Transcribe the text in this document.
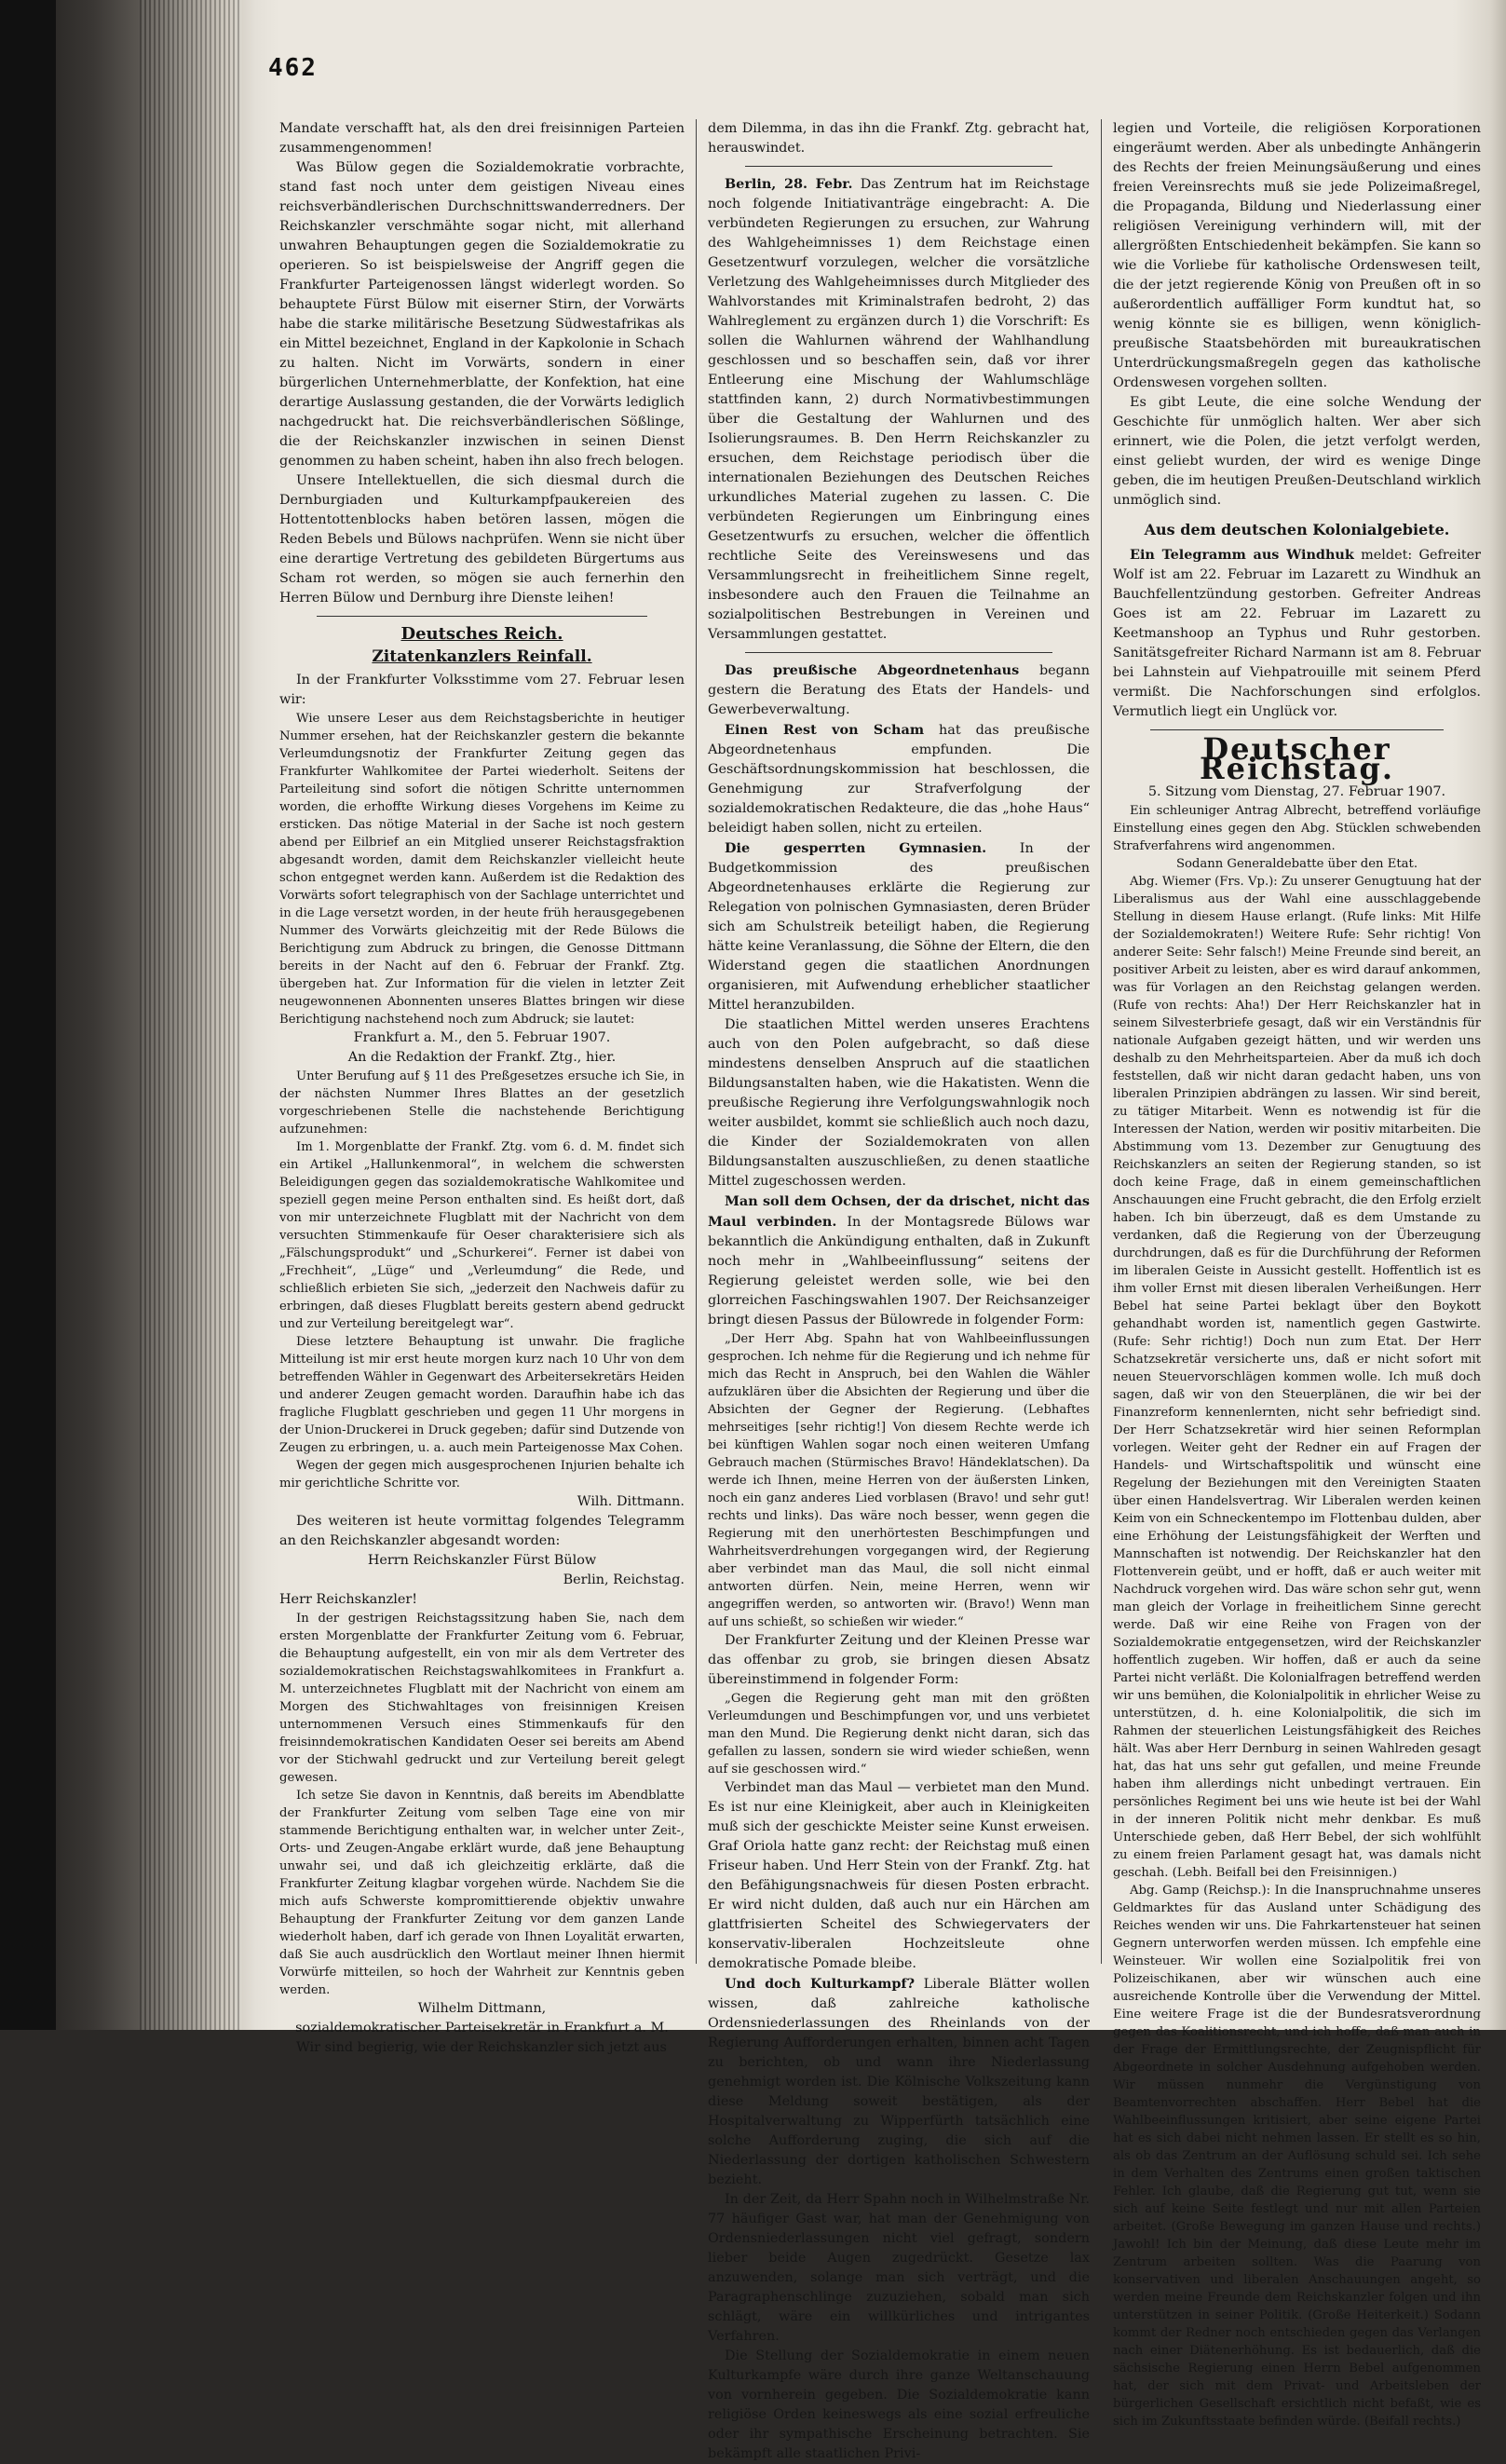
462

Mandate verschafft hat, als den drei freisinnigen Parteien zusammengenommen!

Was Bülow gegen die Sozialdemokratie vorbrachte, stand fast noch unter dem geistigen Niveau eines reichsverbändlerischen Durchschnittswanderredners. Der Reichskanzler verschmähte sogar nicht, mit allerhand unwahren Behauptungen gegen die Sozialdemokratie zu operieren. So ist beispielsweise der Angriff gegen die Frankfurter Parteigenossen längst widerlegt worden. So behauptete Fürst Bülow mit eiserner Stirn, der Vorwärts habe die starke militärische Besetzung Südwestafrikas als ein Mittel bezeichnet, England in der Kapkolonie in Schach zu halten. Nicht im Vorwärts, sondern in einer bürgerlichen Unternehmerblatte, der Konfektion, hat eine derartige Auslassung gestanden, die der Vorwärts lediglich nachgedruckt hat. Die reichsverbändlerischen Sößlinge, die der Reichskanzler inzwischen in seinen Dienst genommen zu haben scheint, haben ihn also frech belogen.

Unsere Intellektuellen, die sich diesmal durch die Dernburgiaden und Kulturkampfpaukereien des Hottentottenblocks haben betören lassen, mögen die Reden Bebels und Bülows nachprüfen. Wenn sie nicht über eine derartige Vertretung des gebildeten Bürgertums aus Scham rot werden, so mögen sie auch fernerhin den Herren Bülow und Dernburg ihre Dienste leihen!

Deutsches Reich.
Zitatenkanzlers Reinfall.

In der Frankfurter Volksstimme vom 27. Februar lesen wir:

Wie unsere Leser aus dem Reichstagsberichte in heutiger Nummer ersehen, hat der Reichskanzler gestern die bekannte Verleumdungsnotiz der Frankfurter Zeitung gegen das Frankfurter Wahlkomitee der Partei wiederholt. Seitens der Parteileitung sind sofort die nötigen Schritte unternommen worden, die erhoffte Wirkung dieses Vorgehens im Keime zu ersticken. Das nötige Material in der Sache ist noch gestern abend per Eilbrief an ein Mitglied unserer Reichstagsfraktion abgesandt worden, damit dem Reichskanzler vielleicht heute schon entgegnet werden kann. Außerdem ist die Redaktion des Vorwärts sofort telegraphisch von der Sachlage unterrichtet und in die Lage versetzt worden, in der heute früh herausgegebenen Nummer des Vorwärts gleichzeitig mit der Rede Bülows die Berichtigung zum Abdruck zu bringen, die Genosse Dittmann bereits in der Nacht auf den 6. Februar der Frankf. Ztg. übergeben hat. Zur Information für die vielen in letzter Zeit neugewonnenen Abonnenten unseres Blattes bringen wir diese Berichtigung nachstehend noch zum Abdruck; sie lautet:

Frankfurt a. M., den 5. Februar 1907.

An die Redaktion der Frankf. Ztg., hier.

Unter Berufung auf § 11 des Preßgesetzes ersuche ich Sie, in der nächsten Nummer Ihres Blattes an der gesetzlich vorgeschriebenen Stelle die nachstehende Berichtigung aufzunehmen:

Im 1. Morgenblatte der Frankf. Ztg. vom 6. d. M. findet sich ein Artikel „Hallunkenmoral“, in welchem die schwersten Beleidigungen gegen das sozialdemokratische Wahlkomitee und speziell gegen meine Person enthalten sind. Es heißt dort, daß von mir unterzeichnete Flugblatt mit der Nachricht von dem versuchten Stimmenkaufe für Oeser charakterisiere sich als „Fälschungsprodukt“ und „Schurkerei“. Ferner ist dabei von „Frechheit“, „Lüge“ und „Verleumdung“ die Rede, und schließlich erbieten Sie sich, „jederzeit den Nachweis dafür zu erbringen, daß dieses Flugblatt bereits gestern abend gedruckt und zur Verteilung bereitgelegt war“.

Diese letztere Behauptung ist unwahr. Die fragliche Mitteilung ist mir erst heute morgen kurz nach 10 Uhr von dem betreffenden Wähler in Gegenwart des Arbeitersekretärs Heiden und anderer Zeugen gemacht worden. Daraufhin habe ich das fragliche Flugblatt geschrieben und gegen 11 Uhr morgens in der Union-Druckerei in Druck gegeben; dafür sind Dutzende von Zeugen zu erbringen, u. a. auch mein Parteigenosse Max Cohen.

Wegen der gegen mich ausgesprochenen Injurien behalte ich mir gerichtliche Schritte vor.

Wilh. Dittmann.

Des weiteren ist heute vormittag folgendes Telegramm an den Reichskanzler abgesandt worden:

Herrn Reichskanzler Fürst Bülow

Berlin, Reichstag.

Herr Reichskanzler!

In der gestrigen Reichstagssitzung haben Sie, nach dem ersten Morgenblatte der Frankfurter Zeitung vom 6. Februar, die Behauptung aufgestellt, ein von mir als dem Vertreter des sozialdemokratischen Reichstagswahlkomitees in Frankfurt a. M. unterzeichnetes Flugblatt mit der Nachricht von einem am Morgen des Stichwahltages von freisinnigen Kreisen unternommenen Versuch eines Stimmenkaufs für den freisinndemokratischen Kandidaten Oeser sei bereits am Abend vor der Stichwahl gedruckt und zur Verteilung bereit gelegt gewesen.

Ich setze Sie davon in Kenntnis, daß bereits im Abendblatte der Frankfurter Zeitung vom selben Tage eine von mir stammende Berichtigung enthalten war, in welcher unter Zeit-, Orts- und Zeugen-Angabe erklärt wurde, daß jene Behauptung unwahr sei, und daß ich gleichzeitig erklärte, daß die Frankfurter Zeitung klagbar vorgehen würde. Nachdem Sie die mich aufs Schwerste kompromittierende objektiv unwahre Behauptung der Frankfurter Zeitung vor dem ganzen Lande wiederholt haben, darf ich gerade von Ihnen Loyalität erwarten, daß Sie auch ausdrücklich den Wortlaut meiner Ihnen hiermit Vorwürfe mitteilen, so hoch der Wahrheit zur Kenntnis geben werden.

Wilhelm Dittmann,

sozialdemokratischer Parteisekretär in Frankfurt a. M.

Wir sind begierig, wie der Reichskanzler sich jetzt aus

dem Dilemma, in das ihn die Frankf. Ztg. gebracht hat, herauswindet.

Berlin, 28. Febr. Das Zentrum hat im Reichstage noch folgende Initiativanträge eingebracht: A. Die verbündeten Regierungen zu ersuchen, zur Wahrung des Wahlgeheimnisses 1) dem Reichstage einen Gesetzentwurf vorzulegen, welcher die vorsätzliche Verletzung des Wahlgeheimnisses durch Mitglieder des Wahlvorstandes mit Kriminalstrafen bedroht, 2) das Wahlreglement zu ergänzen durch 1) die Vorschrift: Es sollen die Wahlurnen während der Wahlhandlung geschlossen und so beschaffen sein, daß vor ihrer Entleerung eine Mischung der Wahlumschläge stattfinden kann, 2) durch Normativbestimmungen über die Gestaltung der Wahlurnen und des Isolierungsraumes. B. Den Herrn Reichskanzler zu ersuchen, dem Reichstage periodisch über die internationalen Beziehungen des Deutschen Reiches urkundliches Material zugehen zu lassen. C. Die verbündeten Regierungen um Einbringung eines Gesetzentwurfs zu ersuchen, welcher die öffentlich rechtliche Seite des Vereinswesens und das Versammlungsrecht in freiheitlichem Sinne regelt, insbesondere auch den Frauen die Teilnahme an sozialpolitischen Bestrebungen in Vereinen und Versammlungen gestattet.

Das preußische Abgeordnetenhaus begann gestern die Beratung des Etats der Handels- und Gewerbeverwaltung.

Einen Rest von Scham hat das preußische Abgeordnetenhaus empfunden. Die Geschäftsordnungskommission hat beschlossen, die Genehmigung zur Strafverfolgung der sozialdemokratischen Redakteure, die das „hohe Haus“ beleidigt haben sollen, nicht zu erteilen.

Die gesperrten Gymnasien. In der Budgetkommission des preußischen Abgeordnetenhauses erklärte die Regierung zur Relegation von polnischen Gymnasiasten, deren Brüder sich am Schulstreik beteiligt haben, die Regierung hätte keine Veranlassung, die Söhne der Eltern, die den Widerstand gegen die staatlichen Anordnungen organisieren, mit Aufwendung erheblicher staatlicher Mittel heranzubilden.

Die staatlichen Mittel werden unseres Erachtens auch von den Polen aufgebracht, so daß diese mindestens denselben Anspruch auf die staatlichen Bildungsanstalten haben, wie die Hakatisten. Wenn die preußische Regierung ihre Verfolgungswahnlogik noch weiter ausbildet, kommt sie schließlich auch noch dazu, die Kinder der Sozialdemokraten von allen Bildungsanstalten auszuschließen, zu denen staatliche Mittel zugeschossen werden.

Man soll dem Ochsen, der da drischet, nicht das Maul verbinden. In der Montagsrede Bülows war bekanntlich die Ankündigung enthalten, daß in Zukunft noch mehr in „Wahlbeeinflussung“ seitens der Regierung geleistet werden solle, wie bei den glorreichen Faschingswahlen 1907. Der Reichsanzeiger bringt diesen Passus der Bülowrede in folgender Form:

„Der Herr Abg. Spahn hat von Wahlbeeinflussungen gesprochen. Ich nehme für die Regierung und ich nehme für mich das Recht in Anspruch, bei den Wahlen die Wähler aufzuklären über die Absichten der Regierung und über die Absichten der Gegner der Regierung. (Lebhaftes mehrseitiges [sehr richtig!] Von diesem Rechte werde ich bei künftigen Wahlen sogar noch einen weiteren Umfang Gebrauch machen (Stürmisches Bravo! Händeklatschen). Da werde ich Ihnen, meine Herren von der äußersten Linken, noch ein ganz anderes Lied vorblasen (Bravo! und sehr gut! rechts und links). Das wäre noch besser, wenn gegen die Regierung mit den unerhörtesten Beschimpfungen und Wahrheitsverdrehungen vorgegangen wird, der Regierung aber verbindet man das Maul, die soll nicht einmal antworten dürfen. Nein, meine Herren, wenn wir angegriffen werden, so antworten wir. (Bravo!) Wenn man auf uns schießt, so schießen wir wieder.“

Der Frankfurter Zeitung und der Kleinen Presse war das offenbar zu grob, sie bringen diesen Absatz übereinstimmend in folgender Form:

„Gegen die Regierung geht man mit den größten Verleumdungen und Beschimpfungen vor, und uns verbietet man den Mund. Die Regierung denkt nicht daran, sich das gefallen zu lassen, sondern sie wird wieder schießen, wenn auf sie geschossen wird.“

Verbindet man das Maul — verbietet man den Mund. Es ist nur eine Kleinigkeit, aber auch in Kleinigkeiten muß sich der geschickte Meister seine Kunst erweisen. Graf Oriola hatte ganz recht: der Reichstag muß einen Friseur haben. Und Herr Stein von der Frankf. Ztg. hat den Befähigungsnachweis für diesen Posten erbracht. Er wird nicht dulden, daß auch nur ein Härchen am glattfrisierten Scheitel des Schwiegervaters der konservativ-liberalen Hochzeitsleute ohne demokratische Pomade bleibe.

Und doch Kulturkampf? Liberale Blätter wollen wissen, daß zahlreiche katholische Ordensniederlassungen des Rheinlands von der Regierung Aufforderungen erhalten, binnen acht Tagen zu berichten, ob und wann ihre Niederlassung genehmigt worden ist. Die Kölnische Volkszeitung kann diese Meldung soweit bestätigen, als der Hospitalverwaltung zu Wipperfürth tatsächlich eine solche Aufforderung zuging, die sich auf die Niederlassung der dortigen katholischen Schwestern bezieht.

In der Zeit, da Herr Spahn noch in Wilhelmstraße Nr. 77 häufiger Gast war, hat man der Genehmigung von Ordensniederlassungen nicht viel gefragt, sondern lieber beide Augen zugedrückt. Gesetze lax anzuwenden, solange man sich verträgt, und die Paragraphenschlinge zuzuziehen, sobald man sich schlägt, wäre ein willkürliches und intrigantes Verfahren.

Die Stellung der Sozialdemokratie in einem neuen Kulturkampfe wäre durch ihre ganze Weltanschauung von vornherein gegeben. Die Sozialdemokratie kann religiöse Orden keineswegs als eine sozial erfreuliche oder ihr sympathische Erscheinung betrachten. Sie bekämpft alle staatlichen Privi-

legien und Vorteile, die religiösen Korporationen eingeräumt werden. Aber als unbedingte Anhängerin des Rechts der freien Meinungsäußerung und eines freien Vereinsrechts muß sie jede Polizeimaßregel, die Propaganda, Bildung und Niederlassung einer religiösen Vereinigung verhindern will, mit der allergrößten Entschiedenheit bekämpfen. Sie kann so wie die Vorliebe für katholische Ordenswesen teilt, die der jetzt regierende König von Preußen oft in so außerordentlich auffälliger Form kundtut hat, so wenig könnte sie es billigen, wenn königlich-preußische Staatsbehörden mit bureaukratischen Unterdrückungsmaßregeln gegen das katholische Ordenswesen vorgehen sollten.

Es gibt Leute, die eine solche Wendung der Geschichte für unmöglich halten. Wer aber sich erinnert, wie die Polen, die jetzt verfolgt werden, einst geliebt wurden, der wird es wenige Dinge geben, die im heutigen Preußen-Deutschland wirklich unmöglich sind.

Aus dem deutschen Kolonialgebiete.

Ein Telegramm aus Windhuk meldet: Gefreiter Wolf ist am 22. Februar im Lazarett zu Windhuk an Bauchfellentzündung gestorben. Gefreiter Andreas Goes ist am 22. Februar im Lazarett zu Keetmanshoop an Typhus und Ruhr gestorben. Sanitätsgefreiter Richard Narmann ist am 8. Februar bei Lahnstein auf Viehpatrouille mit seinem Pferd vermißt. Die Nachforschungen sind erfolglos. Vermutlich liegt ein Unglück vor.

Deutscher Reichstag.

5. Sitzung vom Dienstag, 27. Februar 1907.

Ein schleuniger Antrag Albrecht, betreffend vorläufige Einstellung eines gegen den Abg. Stücklen schwebenden Strafverfahrens wird angenommen.

Sodann Generaldebatte über den Etat.

Abg. Wiemer (Frs. Vp.): Zu unserer Genugtuung hat der Liberalismus aus der Wahl eine ausschlaggebende Stellung in diesem Hause erlangt. (Rufe links: Mit Hilfe der Sozialdemokraten!) Weitere Rufe: Sehr richtig! Von anderer Seite: Sehr falsch!) Meine Freunde sind bereit, an positiver Arbeit zu leisten, aber es wird darauf ankommen, was für Vorlagen an den Reichstag gelangen werden. (Rufe von rechts: Aha!) Der Herr Reichskanzler hat in seinem Silvesterbriefe gesagt, daß wir ein Verständnis für nationale Aufgaben gezeigt hätten, und wir werden uns deshalb zu den Mehrheitsparteien. Aber da muß ich doch feststellen, daß wir nicht daran gedacht haben, uns von liberalen Prinzipien abdrängen zu lassen. Wir sind bereit, zu tätiger Mitarbeit. Wenn es notwendig ist für die Interessen der Nation, werden wir positiv mitarbeiten. Die Abstimmung vom 13. Dezember zur Genugtuung des Reichskanzlers an seiten der Regierung standen, so ist doch keine Frage, daß in einem gemeinschaftlichen Anschauungen eine Frucht gebracht, die den Erfolg erzielt haben. Ich bin überzeugt, daß es dem Umstande zu verdanken, daß die Regierung von der Überzeugung durchdrungen, daß es für die Durchführung der Reformen im liberalen Geiste in Aussicht gestellt. Hoffentlich ist es ihm voller Ernst mit diesen liberalen Verheißungen. Herr Bebel hat seine Partei beklagt über den Boykott gehandhabt worden ist, namentlich gegen Gastwirte. (Rufe: Sehr richtig!) Doch nun zum Etat. Der Herr Schatzsekretär versicherte uns, daß er nicht sofort mit neuen Steuervorschlägen kommen wolle. Ich muß doch sagen, daß wir von den Steuerplänen, die wir bei der Finanzreform kennenlernten, nicht sehr befriedigt sind. Der Herr Schatzsekretär wird hier seinen Reformplan vorlegen. Weiter geht der Redner ein auf Fragen der Handels- und Wirtschaftspolitik und wünscht eine Regelung der Beziehungen mit den Vereinigten Staaten über einen Handelsvertrag. Wir Liberalen werden keinen Keim von ein Schneckentempo im Flottenbau dulden, aber eine Erhöhung der Leistungsfähigkeit der Werften und Mannschaften ist notwendig. Der Reichskanzler hat den Flottenverein geübt, und er hofft, daß er auch weiter mit Nachdruck vorgehen wird. Das wäre schon sehr gut, wenn man gleich der Vorlage in freiheitlichem Sinne gerecht werde. Daß wir eine Reihe von Fragen von der Sozialdemokratie entgegensetzen, wird der Reichskanzler hoffentlich zugeben. Wir hoffen, daß er auch da seine Partei nicht verläßt. Die Kolonialfragen betreffend werden wir uns bemühen, die Kolonialpolitik in ehrlicher Weise zu unterstützen, d. h. eine Kolonialpolitik, die sich im Rahmen der steuerlichen Leistungsfähigkeit des Reiches hält. Was aber Herr Dernburg in seinen Wahlreden gesagt hat, das hat uns sehr gut gefallen, und meine Freunde haben ihm allerdings nicht unbedingt vertrauen. Ein persönliches Regiment bei uns wie heute ist bei der Wahl in der inneren Politik nicht mehr denkbar. Es muß Unterschiede geben, daß Herr Bebel, der sich wohlfühlt zu einem freien Parlament gesagt hat, was damals nicht geschah. (Lebh. Beifall bei den Freisinnigen.)

Abg. Gamp (Reichsp.): In die Inanspruchnahme unseres Geldmarktes für das Ausland unter Schädigung des Reiches wenden wir uns. Die Fahrkartensteuer hat seinen Gegnern unterworfen werden müssen. Ich empfehle eine Weinsteuer. Wir wollen eine Sozialpolitik frei von Polizeischikanen, aber wir wünschen auch eine ausreichende Kontrolle über die Verwendung der Mittel. Eine weitere Frage ist die der Bundesratsverordnung gegen das Koalitionsrecht, und ich hoffe, daß man auch in der Frage der Ermittlungsrechte, der Zeugnispflicht für Abgeordnete in solcher Ausdehnung aufgehoben werden. Wir müssen nunmehr die Vergünstigung von Beamtenvorrechten abschaffen. Herr Bebel hat die Wahlbeeinflussungen kritisiert, aber seine eigene Partei hat es sich dabei nicht nehmen lassen. Er stellt es so hin, als ob das Zentrum an der Auflösung schuld sei. Ich sehe in dem Verhalten des Zentrums einen großen taktischen Fehler. Ich glaube, daß die Regierung gut tut, wenn sie sich auf keine Seite festlegt und nur mit allen Parteien arbeitet. (Große Bewegung im ganzen Hause und rechts.) Jawohl! Ich bin der Meinung, daß diese Leute mehr im Zentrum arbeiten sollten. Was die Paarung von konservativen und liberalen Anschauungen angeht, so werden meine Freunde dem Reichskanzler folgen und ihn unterstützen in seiner Politik. (Große Heiterkeit.) Sodann kommt der Redner noch entschieden gegen das Verlangen nach einer Diätenerhöhung. Es ist bedauerlich, daß die sächsische Regierung einen Herrn Bebel aufgenommen hat, der sich mit dem Privat- und Arbeitsleben der bürgerlichen Gesellschaft ersichtlich nicht befaßt, wie es sich im Zukunftsstaate befinden würde. (Beifall rechts.)
